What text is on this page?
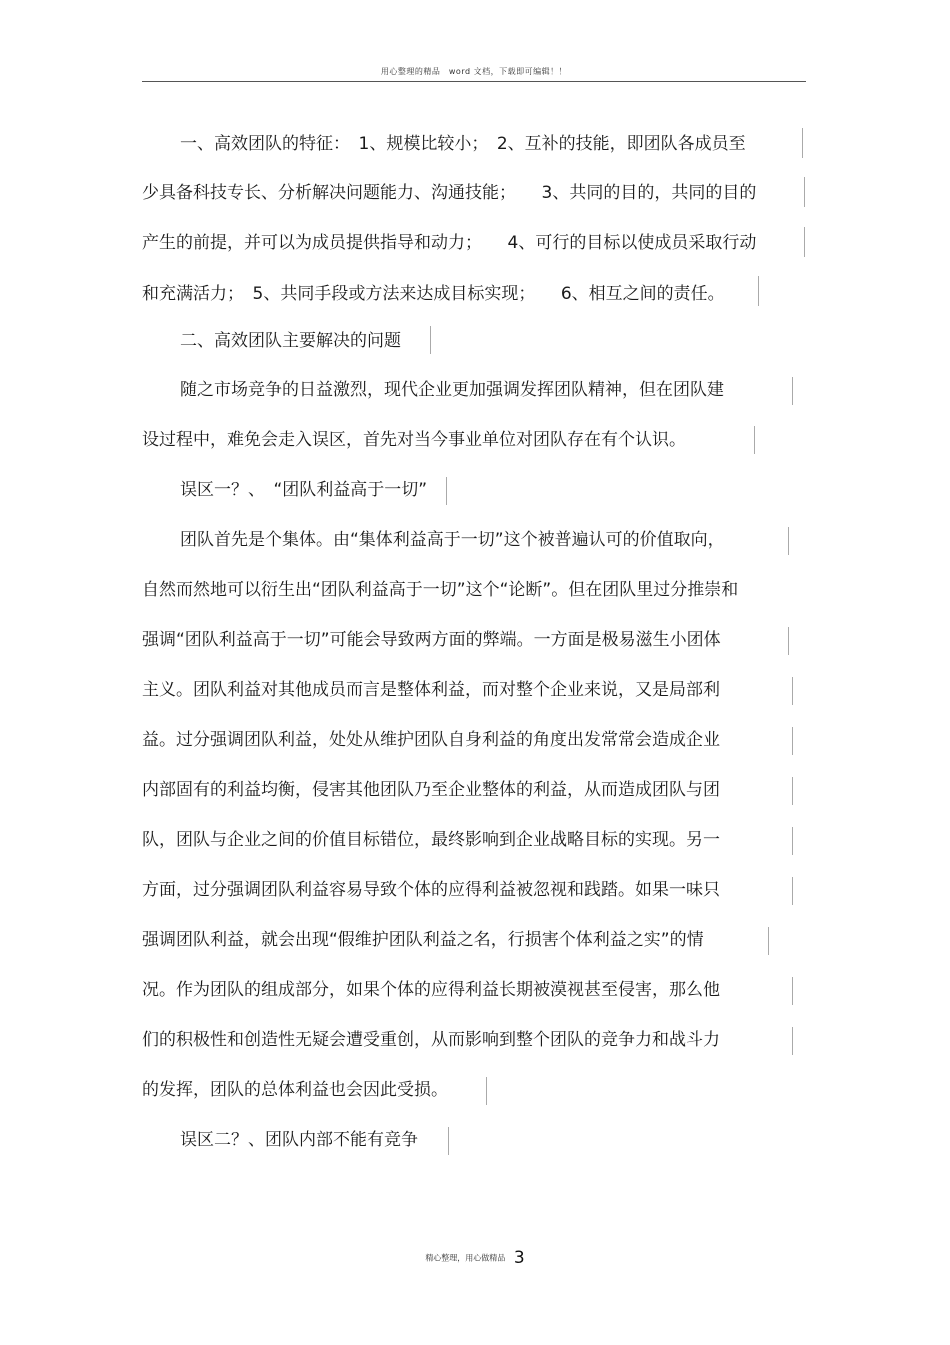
用心整理的精品　word 文档，下载即可编辑！！
一、高效团队的特征：　1、规模比较小；　2、互补的技能，即团队各成员至
少具备科技专长、分析解决问题能力、沟通技能；　　3、共同的目的，共同的目的
产生的前提，并可以为成员提供指导和动力；　　4、可行的目标以使成员采取行动
和充满活力；　5、共同手段或方法来达成目标实现；　　6、相互之间的责任。
二、高效团队主要解决的问题
随之市场竞争的日益激烈，现代企业更加强调发挥团队精神，但在团队建
设过程中，难免会走入误区，首先对当今事业单位对团队存在有个认识。
误区一？、　“团队利益高于一切”
团队首先是个集体。由“集体利益高于一切”这个被普遍认可的价值取向，
自然而然地可以衍生出“团队利益高于一切”这个“论断”。但在团队里过分推崇和
强调“团队利益高于一切”可能会导致两方面的弊端。一方面是极易滋生小团体
主义。团队利益对其他成员而言是整体利益，而对整个企业来说，又是局部利
益。过分强调团队利益，处处从维护团队自身利益的角度出发常常会造成企业
内部固有的利益均衡，侵害其他团队乃至企业整体的利益，从而造成团队与团
队，团队与企业之间的价值目标错位，最终影响到企业战略目标的实现。另一
方面，过分强调团队利益容易导致个体的应得利益被忽视和践踏。如果一味只
强调团队利益，就会出现“假维护团队利益之名，行损害个体利益之实”的情
况。作为团队的组成部分，如果个体的应得利益长期被漠视甚至侵害，那么他
们的积极性和创造性无疑会遭受重创，从而影响到整个团队的竞争力和战斗力
的发挥，团队的总体利益也会因此受损。
误区二？、团队内部不能有竞争
精心整理，用心做精品 3
